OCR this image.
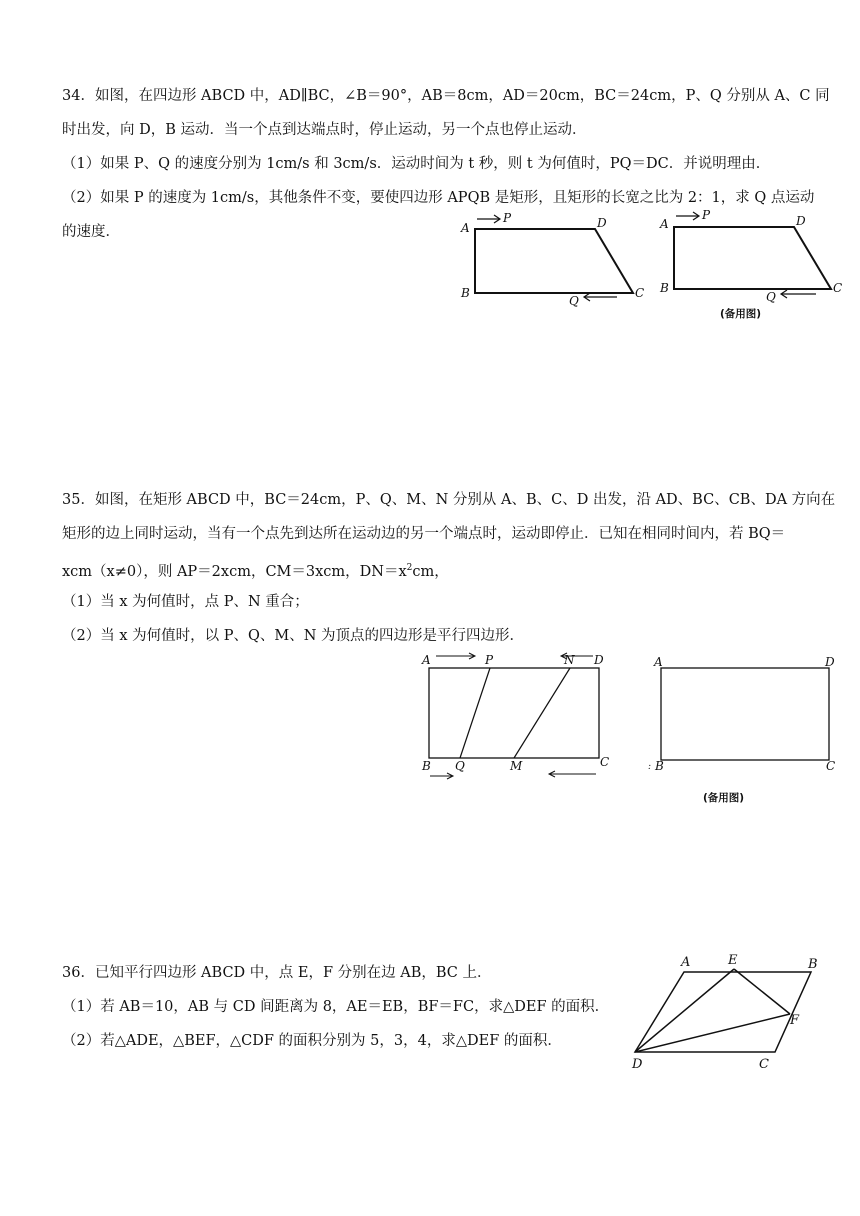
34．如图，在四边形 ABCD 中，AD∥BC，∠B＝90°，AB＝8cm，AD＝20cm，BC＝24cm，P、Q 分别从 A、C 同
时出发，向 D，B 运动．当一个点到达端点时，停止运动，另一个点也停止运动．
（1）如果 P、Q 的速度分别为 1cm/s 和 3cm/s．运动时间为 t 秒，则 t 为何值时，PQ＝DC．并说明理由．
（2）如果 P 的速度为 1cm/s，其他条件不变，要使四边形 APQB 是矩形，且矩形的长宽之比为 2：1，求 Q 点运动
的速度．	A
P	D
B
Q
C
A
P	D
B
Q
C
(备用图)
35．如图，在矩形 ABCD 中，BC＝24cm，P、Q、M、N 分别从 A、B、C、D 出发，沿 AD、BC、CB、DA 方向在
矩形的边上同时运动，当有一个点先到达所在运动边的另一个端点时，运动即停止．已知在相同时间内，若 BQ＝
xcm（x≠0），则 AP＝2xcm，CM＝3xcm，$DN=x^2cm$，
（1）当 x 为何值时，点 P、N 重合；
（2）当 x 为何值时，以 P、Q、M、N 为顶点的四边形是平行四边形．
A	P	N D
B Q	M	C
A	D
: B	C
(备用图)
36．已知平行四边形 ABCD 中，点 E，F 分别在边 AB，BC 上．
（1）若 AB＝10，AB 与 CD 间距离为 8，AE＝EB，BF＝FC，求△DEF 的面积．
（2）若△ADE，△BEF，△CDF 的面积分别为 5，3，4，求△DEF 的面积．
A	E	B
F
D	C
